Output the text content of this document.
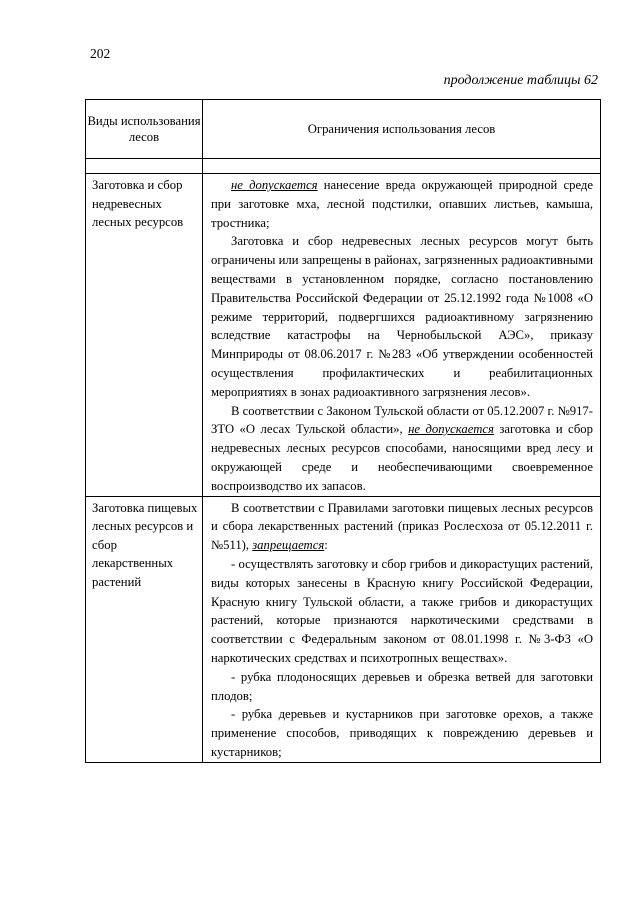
202
продолжение таблицы 62
Виды использования лесов	Ограничения использования лесов

Заготовка и сбор недревесных лесных ресурсов	не допускается нанесение вреда окружающей природной среде при заготовке мха, лесной подстилки, опавших листьев, камыша, тростника;

Заготовка и сбор недревесных лесных ресурсов могут быть ограничены или запрещены в районах, загрязненных радиоактивными веществами в установленном порядке, согласно постановлению Правительства Российской Федерации от 25.12.1992 года №1008 «О режиме территорий, подвергшихся радиоактивному загрязнению вследствие катастрофы на Чернобыльской АЭС», приказу Минприроды от 08.06.2017 г. №283 «Об утверждении особенностей осуществления профилактических и реабилитационных мероприятиях в зонах радиоактивного загрязнения лесов».

В соответствии с Законом Тульской области от 05.12.2007 г. №917-ЗТО «О лесах Тульской области», не допускается заготовка и сбор недревесных лесных ресурсов способами, наносящими вред лесу и окружающей среде и необеспечивающими своевременное воспроизводство их запасов.

Заготовка пищевых лесных ресурсов и сбор лекарственных растений	В соответствии с Правилами заготовки пищевых лесных ресурсов и сбора лекарственных растений (приказ Рослесхоза от 05.12.2011 г. №511), запрещается:

- осуществлять заготовку и сбор грибов и дикорастущих растений, виды которых занесены в Красную книгу Российской Федерации, Красную книгу Тульской области, а также грибов и дикорастущих растений, которые признаются наркотическими средствами в соответствии с Федеральным законом от 08.01.1998 г. №3-ФЗ «О наркотических средствах и психотропных веществах».

- рубка плодоносящих деревьев и обрезка ветвей для заготовки плодов;

- рубка деревьев и кустарников при заготовке орехов, а также применение способов, приводящих к повреждению деревьев и кустарников;
